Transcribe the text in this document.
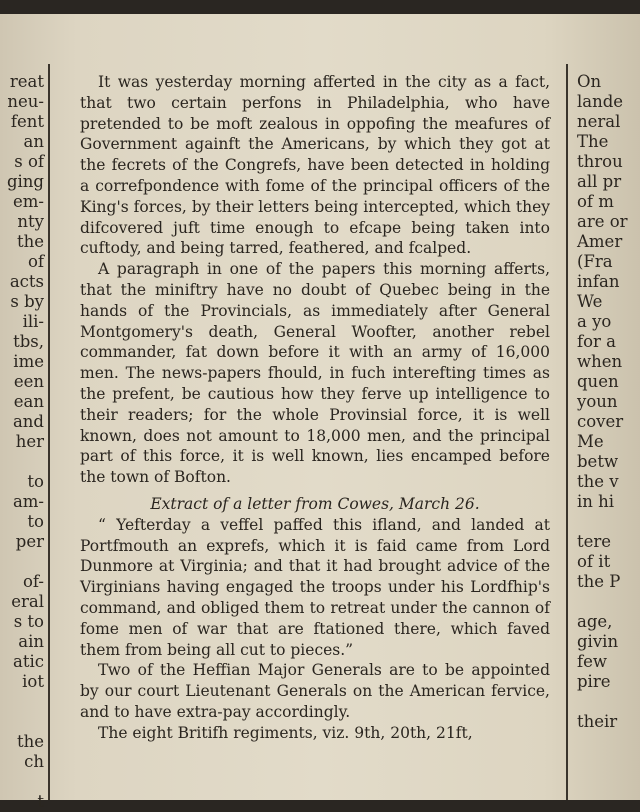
reat
neu-
fent
an
s of
ging
em-
nty
the
of
acts
s by
ili-
tbs,
ime
een
ean
and
her
to
am-
to
per
of-
eral
s to
ain
atic
iot
the
ch
t
On
lande
neral
The
throu
all pr
of m
are or
Amer
(Fra
infan
We
a yo
for a
when
quen
youn
cover
Me
betw
the v
in hi
tere
of it
the P
age,
givin
few
pire
their

It was yesterday morning afferted in the city as a fact, that two certain perfons in Philadelphia, who have pretended to be moft zealous in oppofing the meafures of Government againft the Americans, by which they got at the fecrets of the Congrefs, have been detected in holding a correfpondence with fome of the principal officers of the King's forces, by their letters being intercepted, which they difcovered juft time enough to efcape being taken into cuftody, and being tarred, feathered, and fcalped.

A paragraph in one of the papers this morning afferts, that the miniftry have no doubt of Quebec being in the hands of the Provincials, as immediately after General Montgomery's death, General Woofter, another rebel commander, fat down before it with an army of 16,000 men. The news-papers fhould, in fuch interefting times as the prefent, be cautious how they ferve up intelligence to their readers; for the whole Provinsial force, it is well known, does not amount to 18,000 men, and the principal part of this force, it is well known, lies encamped before the town of Bofton.

Extract of a letter from Cowes, March 26.

“ Yefterday a veffel paffed this ifland, and landed at Portfmouth an exprefs, which it is faid came from Lord Dunmore at Virginia; and that it had brought advice of the Virginians having engaged the troops under his Lordfhip's command, and obliged them to retreat under the cannon of fome men of war that are ftationed there, which faved them from being all cut to pieces.”

Two of the Heffian Major Generals are to be appointed by our court Lieutenant Generals on the American fervice, and to have extra-pay accordingly.

The eight Britifh regiments, viz. 9th, 20th, 21ft,
